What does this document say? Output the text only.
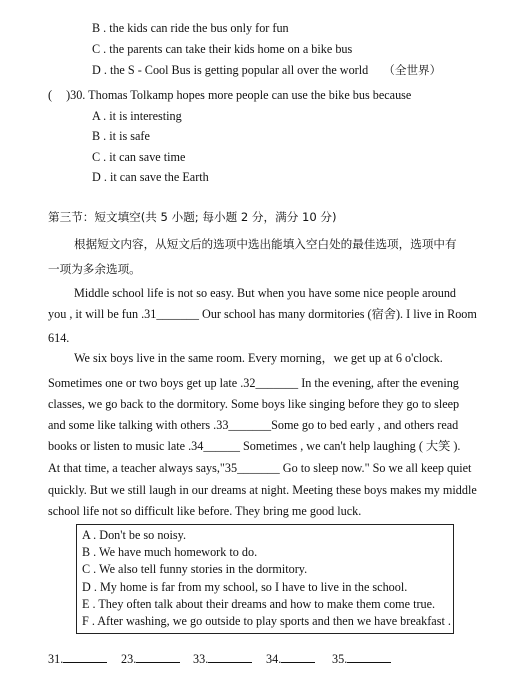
B . the kids can ride the bus only for fun
C . the parents can take their kids home on a bike bus
D . the S - Cool Bus is getting popular all over the world （全世界）
( )30. Thomas Tolkamp hopes more people can use the bike bus because
A . it is interesting
B . it is safe
C . it can save time
D . it can save the Earth
第三节：短文填空(共 5 小题; 每小题 2 分，满分 10 分)
根据短文内容，从短文后的选项中选出能填入空白处的最佳选项，选项中有
一项为多余选项。
Middle school life is not so easy. But when you have some nice people around
you , it will be fun .31_______ Our school has many dormitories (宿舍). I live in Room
614.
We six boys live in the same room. Every morning，we get up at 6 o'clock.
Sometimes one or two boys get up late .32_______ In the evening, after the evening
classes, we go back to the dormitory. Some boys like singing before they go to sleep
and some like talking with others .33_______Some go to bed early , and others read
books or listen to music late .34______ Sometimes , we can't help laughing ( 大笑 ).
At that time, a teacher always says,"35_______ Go to sleep now." So we all keep quiet
quickly. But we still laugh in our dreams at night. Meeting these boys makes my middle
school life not so difficult like before. They bring me good luck.
A . Don't be so noisy.
B . We have much homework to do.
C . We also tell funny stories in the dormitory.
D . My home is far from my school, so I have to live in the school.
E . They often talk about their dreams and how to make them come true.
F . After washing, we go outside to play sports and then we have breakfast .
31.	23.	33.	34.	35.
